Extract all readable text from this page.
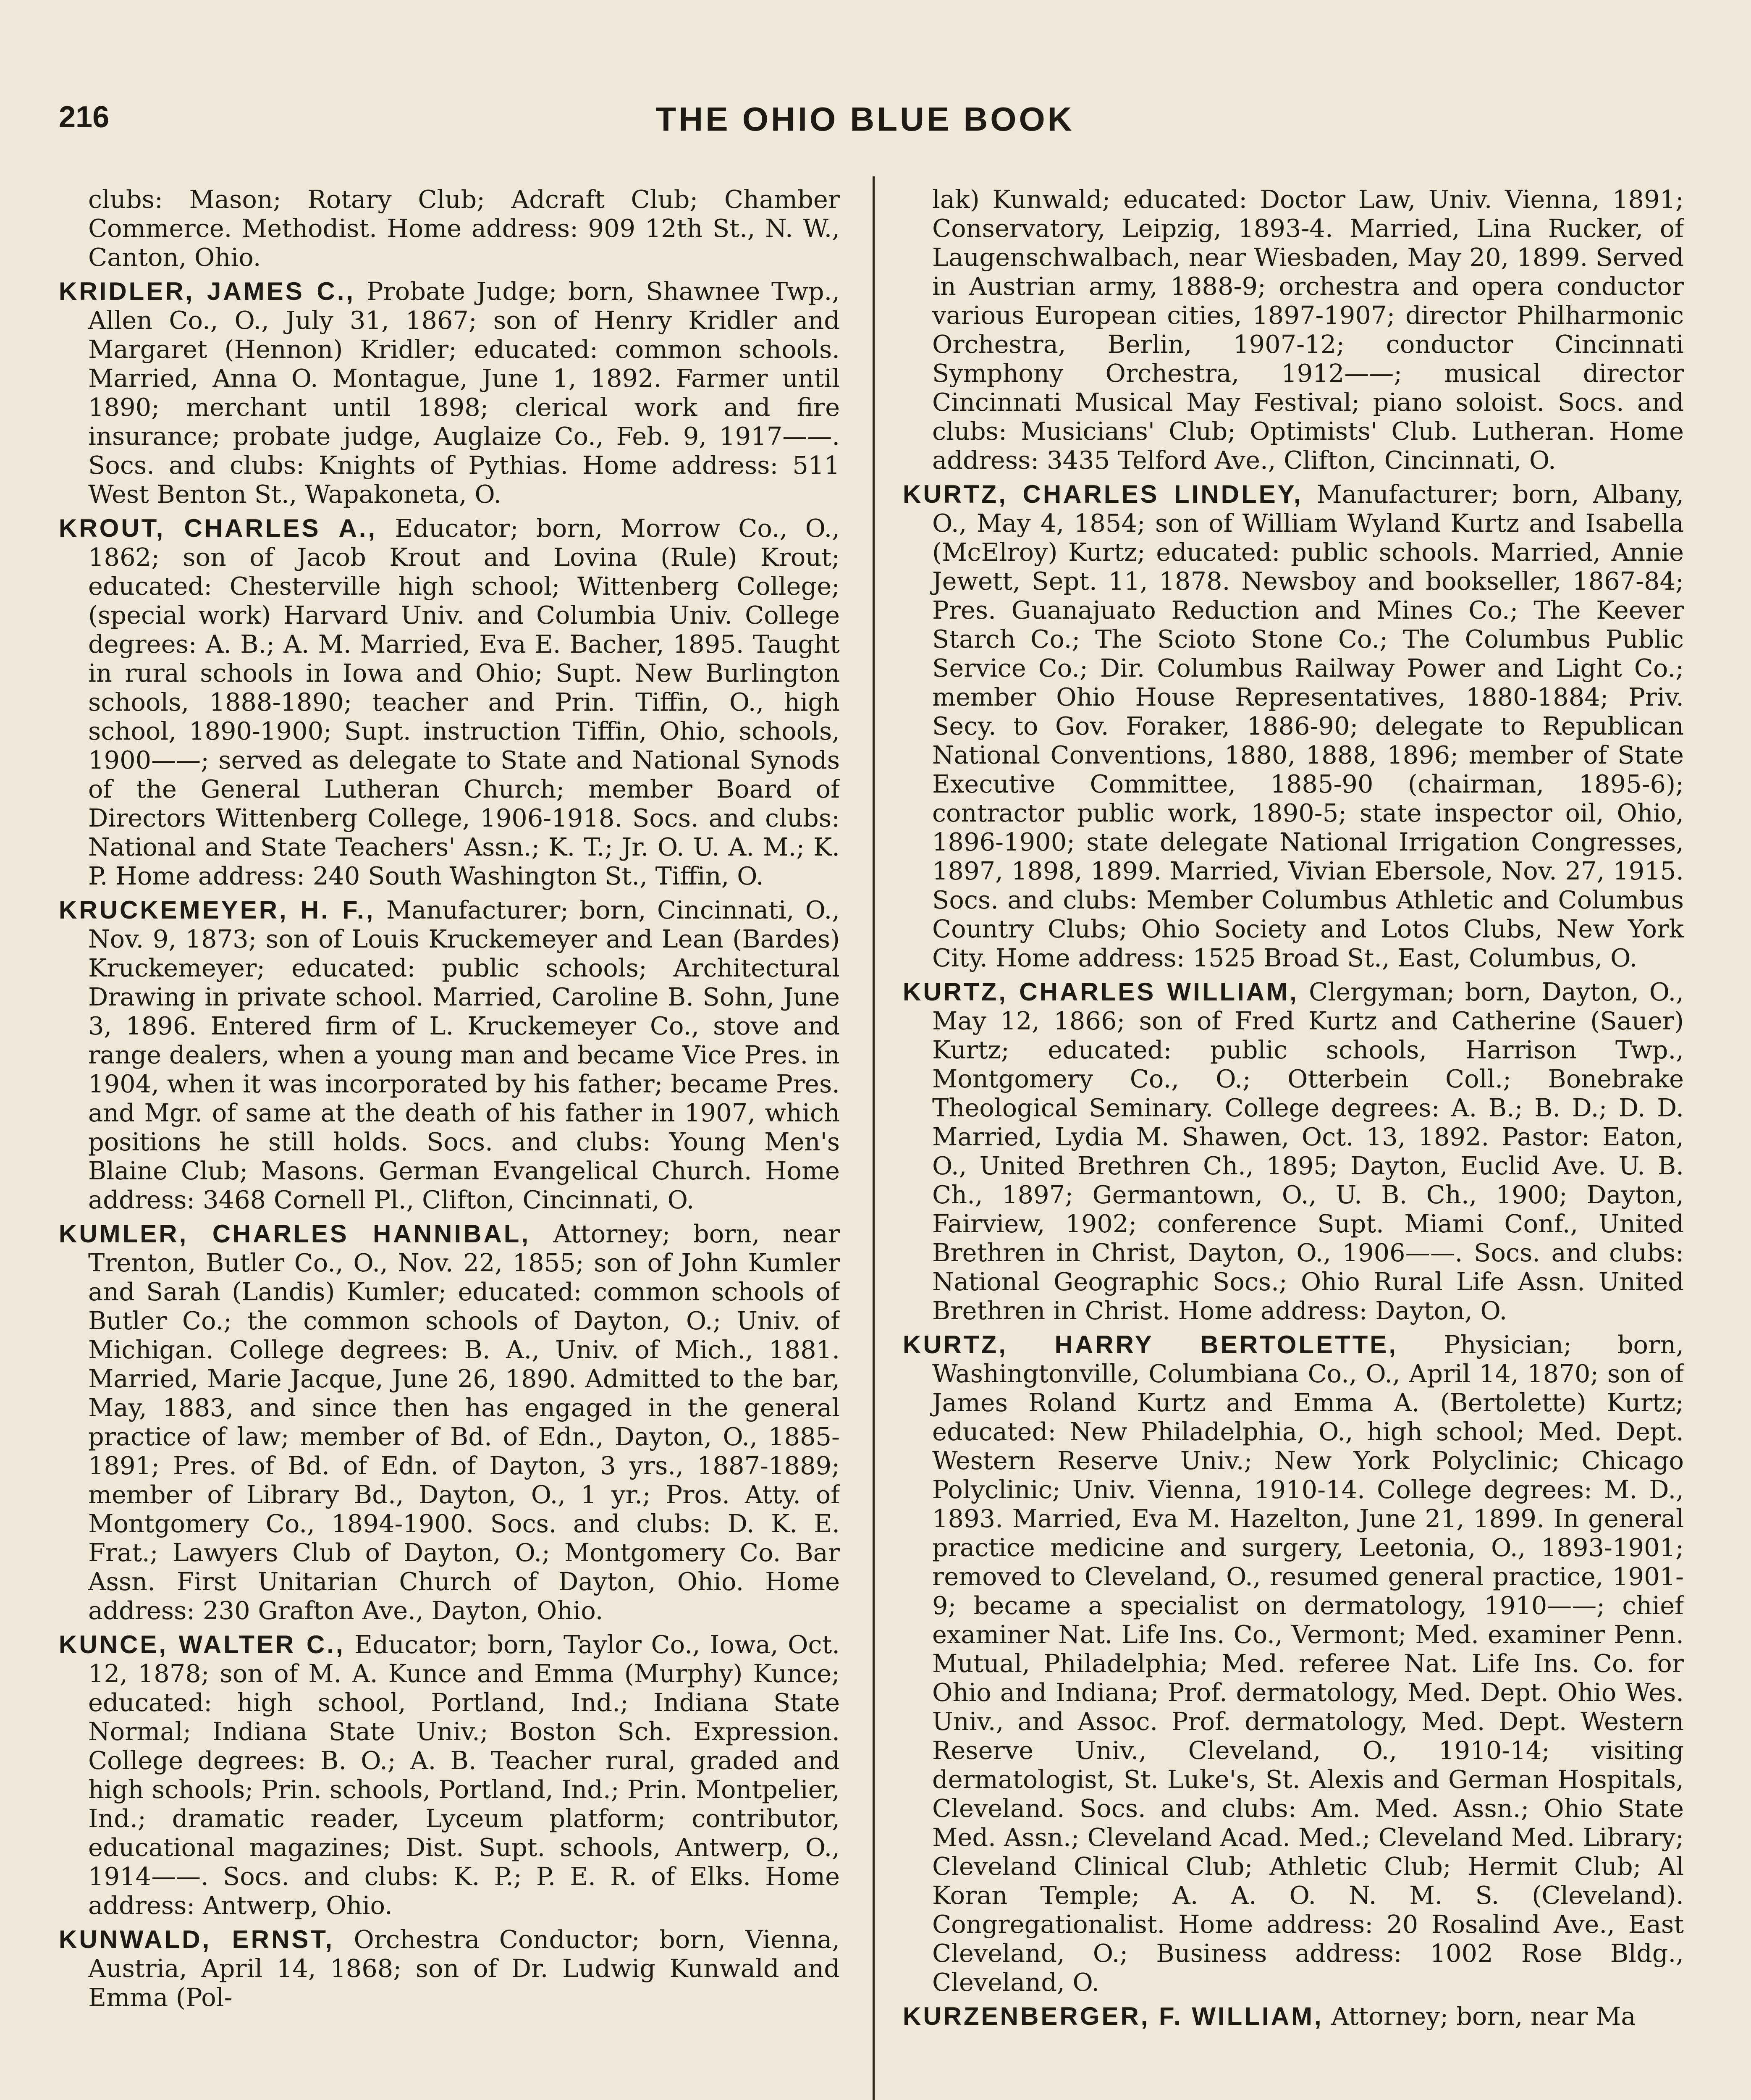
216	THE OHIO BLUE BOOK

clubs: Mason; Rotary Club; Adcraft Club; Chamber Commerce. Methodist. Home address: 909 12th St., N. W., Canton, Ohio.

KRIDLER, JAMES C., Probate Judge; born, Shawnee Twp., Allen Co., O., July 31, 1867; son of Henry Kridler and Margaret (Hennon) Kridler; educated: common schools. Married, Anna O. Montague, June 1, 1892. Farmer until 1890; merchant until 1898; clerical work and fire insurance; probate judge, Auglaize Co., Feb. 9, 1917——. Socs. and clubs: Knights of Pythias. Home address: 511 West Benton St., Wapakoneta, O.

KROUT, CHARLES A., Educator; born, Morrow Co., O., 1862; son of Jacob Krout and Lovina (Rule) Krout; educated: Chesterville high school; Wittenberg College; (special work) Harvard Univ. and Columbia Univ. College degrees: A. B.; A. M. Married, Eva E. Bacher, 1895. Taught in rural schools in Iowa and Ohio; Supt. New Burlington schools, 1888-1890; teacher and Prin. Tiffin, O., high school, 1890-1900; Supt. instruction Tiffin, Ohio, schools, 1900——; served as delegate to State and National Synods of the General Lutheran Church; member Board of Directors Wittenberg College, 1906-1918. Socs. and clubs: National and State Teachers' Assn.; K. T.; Jr. O. U. A. M.; K. P. Home address: 240 South Washington St., Tiffin, O.

KRUCKEMEYER, H. F., Manufacturer; born, Cincinnati, O., Nov. 9, 1873; son of Louis Kruckemeyer and Lean (Bardes) Kruckemeyer; educated: public schools; Architectural Drawing in private school. Married, Caroline B. Sohn, June 3, 1896. Entered firm of L. Kruckemeyer Co., stove and range dealers, when a young man and became Vice Pres. in 1904, when it was incorporated by his father; became Pres. and Mgr. of same at the death of his father in 1907, which positions he still holds. Socs. and clubs: Young Men's Blaine Club; Masons. German Evangelical Church. Home address: 3468 Cornell Pl., Clifton, Cincinnati, O.

KUMLER, CHARLES HANNIBAL, Attorney; born, near Trenton, Butler Co., O., Nov. 22, 1855; son of John Kumler and Sarah (Landis) Kumler; educated: common schools of Butler Co.; the common schools of Dayton, O.; Univ. of Michigan. College degrees: B. A., Univ. of Mich., 1881. Married, Marie Jacque, June 26, 1890. Admitted to the bar, May, 1883, and since then has engaged in the general practice of law; member of Bd. of Edn., Dayton, O., 1885-1891; Pres. of Bd. of Edn. of Dayton, 3 yrs., 1887-1889; member of Library Bd., Dayton, O., 1 yr.; Pros. Atty. of Montgomery Co., 1894-1900. Socs. and clubs: D. K. E. Frat.; Lawyers Club of Dayton, O.; Montgomery Co. Bar Assn. First Unitarian Church of Dayton, Ohio. Home address: 230 Grafton Ave., Dayton, Ohio.

KUNCE, WALTER C., Educator; born, Taylor Co., Iowa, Oct. 12, 1878; son of M. A. Kunce and Emma (Murphy) Kunce; educated: high school, Portland, Ind.; Indiana State Normal; Indiana State Univ.; Boston Sch. Expression. College degrees: B. O.; A. B. Teacher rural, graded and high schools; Prin. schools, Portland, Ind.; Prin. Montpelier, Ind.; dramatic reader, Lyceum platform; contributor, educational magazines; Dist. Supt. schools, Antwerp, O., 1914——. Socs. and clubs: K. P.; P. E. R. of Elks. Home address: Antwerp, Ohio.

KUNWALD, ERNST, Orchestra Conductor; born, Vienna, Austria, April 14, 1868; son of Dr. Ludwig Kunwald and Emma (Pol-

lak) Kunwald; educated: Doctor Law, Univ. Vienna, 1891; Conservatory, Leipzig, 1893-4. Married, Lina Rucker, of Laugenschwalbach, near Wiesbaden, May 20, 1899. Served in Austrian army, 1888-9; orchestra and opera conductor various European cities, 1897-1907; director Philharmonic Orchestra, Berlin, 1907-12; conductor Cincinnati Symphony Orchestra, 1912——; musical director Cincinnati Musical May Festival; piano soloist. Socs. and clubs: Musicians' Club; Optimists' Club. Lutheran. Home address: 3435 Telford Ave., Clifton, Cincinnati, O.

KURTZ, CHARLES LINDLEY, Manufacturer; born, Albany, O., May 4, 1854; son of William Wyland Kurtz and Isabella (McElroy) Kurtz; educated: public schools. Married, Annie Jewett, Sept. 11, 1878. Newsboy and bookseller, 1867-84; Pres. Guanajuato Reduction and Mines Co.; The Keever Starch Co.; The Scioto Stone Co.; The Columbus Public Service Co.; Dir. Columbus Railway Power and Light Co.; member Ohio House Representatives, 1880-1884; Priv. Secy. to Gov. Foraker, 1886-90; delegate to Republican National Conventions, 1880, 1888, 1896; member of State Executive Committee, 1885-90 (chairman, 1895-6); contractor public work, 1890-5; state inspector oil, Ohio, 1896-1900; state delegate National Irrigation Congresses, 1897, 1898, 1899. Married, Vivian Ebersole, Nov. 27, 1915. Socs. and clubs: Member Columbus Athletic and Columbus Country Clubs; Ohio Society and Lotos Clubs, New York City. Home address: 1525 Broad St., East, Columbus, O.

KURTZ, CHARLES WILLIAM, Clergyman; born, Dayton, O., May 12, 1866; son of Fred Kurtz and Catherine (Sauer) Kurtz; educated: public schools, Harrison Twp., Montgomery Co., O.; Otterbein Coll.; Bonebrake Theological Seminary. College degrees: A. B.; B. D.; D. D. Married, Lydia M. Shawen, Oct. 13, 1892. Pastor: Eaton, O., United Brethren Ch., 1895; Dayton, Euclid Ave. U. B. Ch., 1897; Germantown, O., U. B. Ch., 1900; Dayton, Fairview, 1902; conference Supt. Miami Conf., United Brethren in Christ, Dayton, O., 1906——. Socs. and clubs: National Geographic Socs.; Ohio Rural Life Assn. United Brethren in Christ. Home address: Dayton, O.

KURTZ, HARRY BERTOLETTE, Physician; born, Washingtonville, Columbiana Co., O., April 14, 1870; son of James Roland Kurtz and Emma A. (Bertolette) Kurtz; educated: New Philadelphia, O., high school; Med. Dept. Western Reserve Univ.; New York Polyclinic; Chicago Polyclinic; Univ. Vienna, 1910-14. College degrees: M. D., 1893. Married, Eva M. Hazelton, June 21, 1899. In general practice medicine and surgery, Leetonia, O., 1893-1901; removed to Cleveland, O., resumed general practice, 1901-9; became a specialist on dermatology, 1910——; chief examiner Nat. Life Ins. Co., Vermont; Med. examiner Penn. Mutual, Philadelphia; Med. referee Nat. Life Ins. Co. for Ohio and Indiana; Prof. dermatology, Med. Dept. Ohio Wes. Univ., and Assoc. Prof. dermatology, Med. Dept. Western Reserve Univ., Cleveland, O., 1910-14; visiting dermatologist, St. Luke's, St. Alexis and German Hospitals, Cleveland. Socs. and clubs: Am. Med. Assn.; Ohio State Med. Assn.; Cleveland Acad. Med.; Cleveland Med. Library; Cleveland Clinical Club; Athletic Club; Hermit Club; Al Koran Temple; A. A. O. N. M. S. (Cleveland). Congregationalist. Home address: 20 Rosalind Ave., East Cleveland, O.; Business address: 1002 Rose Bldg., Cleveland, O.

KURZENBERGER, F. WILLIAM, Attorney; born, near Ma
